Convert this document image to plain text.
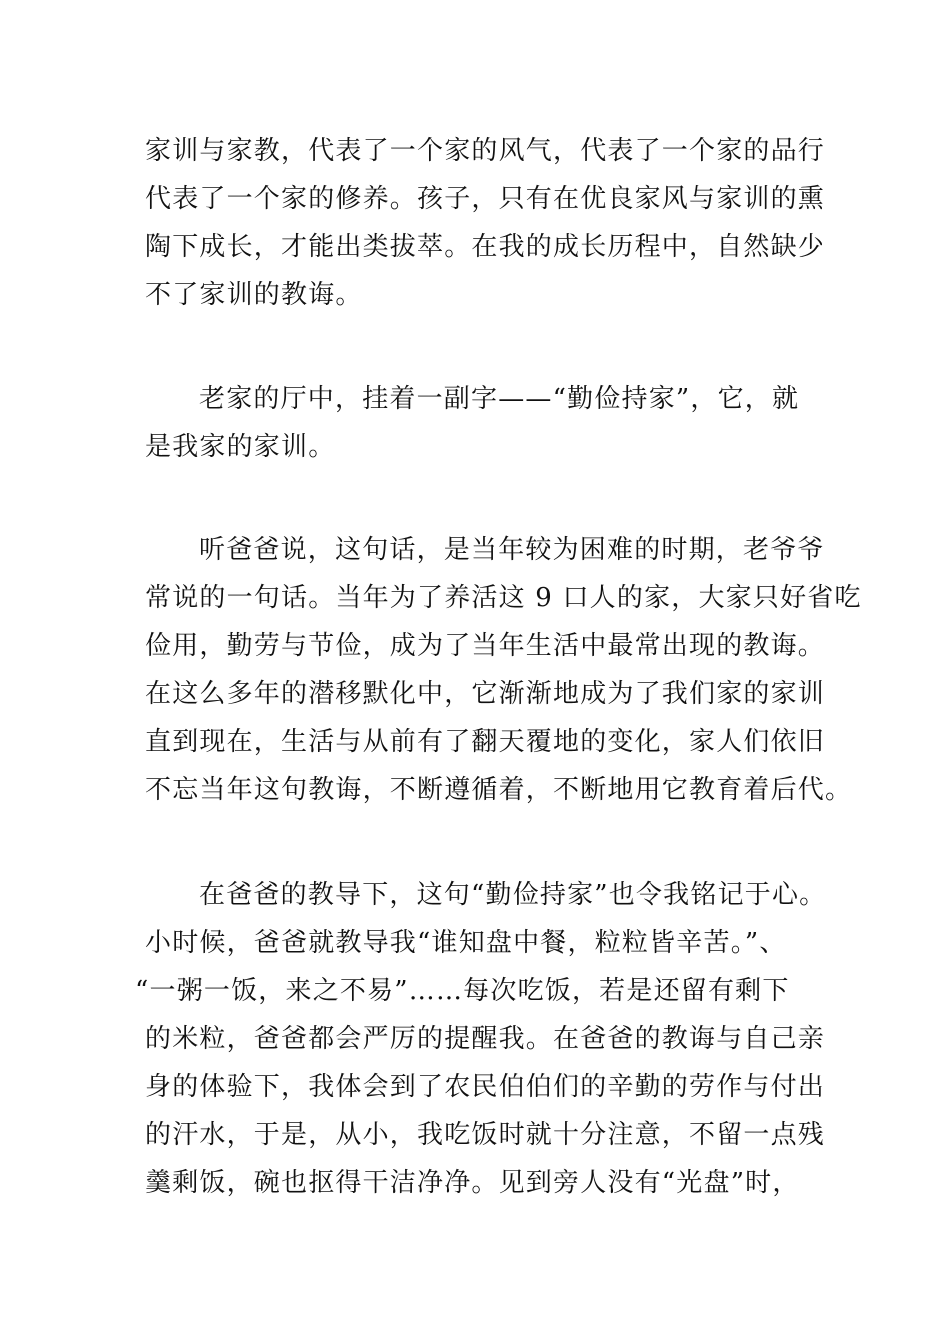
家训与家教，代表了一个家的风气，代表了一个家的品行
代表了一个家的修养。孩子，只有在优良家风与家训的熏
陶下成长，才能出类拔萃。在我的成长历程中，自然缺少
不了家训的教诲。
老家的厅中，挂着一副字——“勤俭持家”，它，就
是我家的家训。
听爸爸说，这句话，是当年较为困难的时期，老爷爷
常说的一句话。当年为了养活这 9 口人的家，大家只好省吃
俭用，勤劳与节俭，成为了当年生活中最常出现的教诲。
在这么多年的潜移默化中，它渐渐地成为了我们家的家训
直到现在，生活与从前有了翻天覆地的变化，家人们依旧
不忘当年这句教诲，不断遵循着，不断地用它教育着后代。
在爸爸的教导下，这句“勤俭持家”也令我铭记于心。
小时候，爸爸就教导我“谁知盘中餐，粒粒皆辛苦。”、
“一粥一饭，来之不易”……每次吃饭，若是还留有剩下
的米粒，爸爸都会严厉的提醒我。在爸爸的教诲与自己亲
身的体验下，我体会到了农民伯伯们的辛勤的劳作与付出
的汗水，于是，从小，我吃饭时就十分注意，不留一点残
羹剩饭，碗也抠得干洁净净。见到旁人没有“光盘”时，
